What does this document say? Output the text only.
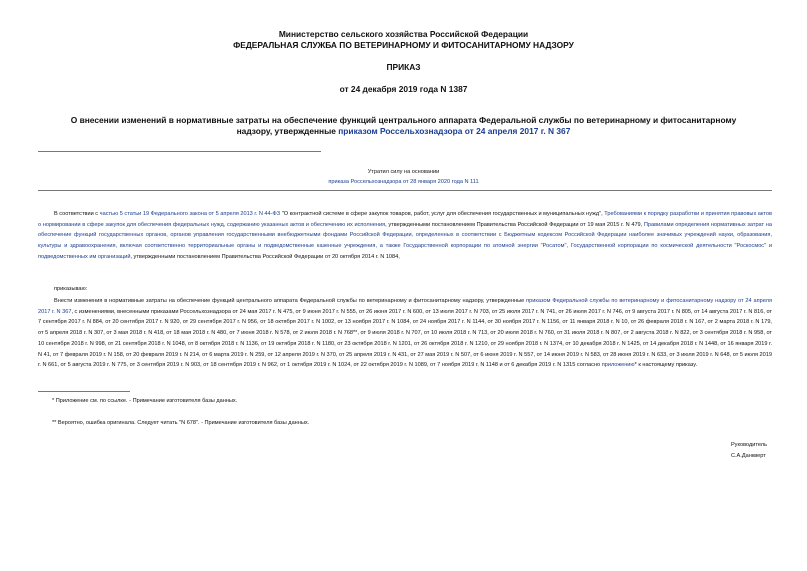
Министерство сельского хозяйства Российской Федерации
ФЕДЕРАЛЬНАЯ СЛУЖБА ПО ВЕТЕРИНАРНОМУ И ФИТОСАНИТАРНОМУ НАДЗОРУ
ПРИКАЗ
от 24 декабря 2019 года N 1387
О внесении изменений в нормативные затраты на обеспечение функций центрального аппарата Федеральной службы по ветеринарному и фитосанитарному
надзору, утвержденные приказом Россельхознадзора от 24 апреля 2017 г. N 367
Утратил силу на основании
приказа Россельхознадзора от 28 января 2020 года N 111

В соответствии с частью 5 статьи 19 Федерального закона от 5 апреля 2013 г. N 44-ФЗ "О контрактной системе в сфере закупок товаров, работ, услуг для обеспечения государственных и муниципальных нужд", Требованиями к порядку разработки и принятия правовых актов о нормировании в сфере закупок для обеспечения федеральных нужд, содержанию указанных актов и обеспечению их исполнения, утвержденными постановлением Правительства Российской Федерации от 19 мая 2015 г. N 479, Правилами определения нормативных затрат на обеспечение функций государственных органов, органов управления государственными внебюджетными фондами Российской Федерации, определенных в соответствии с Бюджетным кодексом Российской Федерации наиболее значимых учреждений науки, образования, культуры и здравоохранения, включая соответственно территориальные органы и подведомственные казенные учреждения, а также Государственной корпорации по атомной энергии "Росатом", Государственной корпорации по космической деятельности "Роскосмос" и подведомственных им организаций, утвержденными постановлением Правительства Российской Федерации от 20 октября 2014 г. N 1084,

приказываю:

Внести изменения в нормативные затраты на обеспечение функций центрального аппарата Федеральной службы по ветеринарному и фитосанитарному надзору, утвержденные приказом Федеральной службы по ветеринарному и фитосанитарному надзору от 24 апреля 2017 г. N 367, с изменениями, внесенными приказами Россельхознадзора от 24 мая 2017 г. N 475, от 9 июня 2017 г. N 555, от 26 июня 2017 г. N 600, от 13 июля 2017 г. N 703, от 25 июля 2017 г. N 741, от 26 июля 2017 г. N 746, от 9 августа 2017 г. N 805, от 14 августа 2017 г. N 816, от 7 сентября 2017 г. N 884, от 20 сентября 2017 г. N 920, от 29 сентября 2017 г. N 956, от 18 октября 2017 г. N 1002, от 13 ноября 2017 г. N 1084, от 24 ноября 2017 г. N 1144, от 30 ноября 2017 г. N 1156, от 11 января 2018 г. N 10, от 26 февраля 2018 г. N 167, от 2 марта 2018 г. N 179, от 5 апреля 2018 г. N 307, от 3 мая 2018 г. N 418, от 18 мая 2018 г. N 480, от 7 июня 2018 г. N 578, от 2 июля 2018 г. N 768**, от 9 июля 2018 г. N 707, от 10 июля 2018 г. N 713, от 20 июля 2018 г. N 760, от 31 июля 2018 г. N 807, от 2 августа 2018 г. N 822, от 3 сентября 2018 г. N 958, от 10 сентября 2018 г. N 998, от 21 сентября 2018 г. N 1048, от 8 октября 2018 г. N 1136, от 19 октября 2018 г. N 1180, от 23 октября 2018 г. N 1201, от 26 октября 2018 г. N 1210, от 29 ноября 2018 г. N 1374, от 10 декабря 2018 г. N 1425, от 14 декабря 2018 г. N 1448, от 16 января 2019 г. N 41, от 7 февраля 2019 г. N 158, от 20 февраля 2019 г. N 214, от 6 марта 2019 г. N 259, от 12 апреля 2019 г. N 370, от 25 апреля 2019 г. N 431, от 27 мая 2019 г. N 507, от 6 июня 2019 г. N 557, от 14 июня 2019 г. N 583, от 28 июня 2019 г. N 633, от 3 июля 2019 г. N 648, от 5 июля 2019 г. N 661, от 5 августа 2019 г. N 775, от 3 сентября 2019 г. N 903, от 18 сентября 2019 г. N 962, от 1 октября 2019 г. N 1024, от 22 октября 2019 г. N 1089, от 7 ноября 2019 г. N 1148 и от 6 декабря 2019 г. N 1315 согласно приложению* к настоящему приказу.

* Приложение см. по ссылке. - Примечание изготовителя базы данных.
** Вероятно, ошибка оригинала. Следует читать "N 678". - Примечание изготовителя базы данных.
Руководитель
С.А.Данкверт
